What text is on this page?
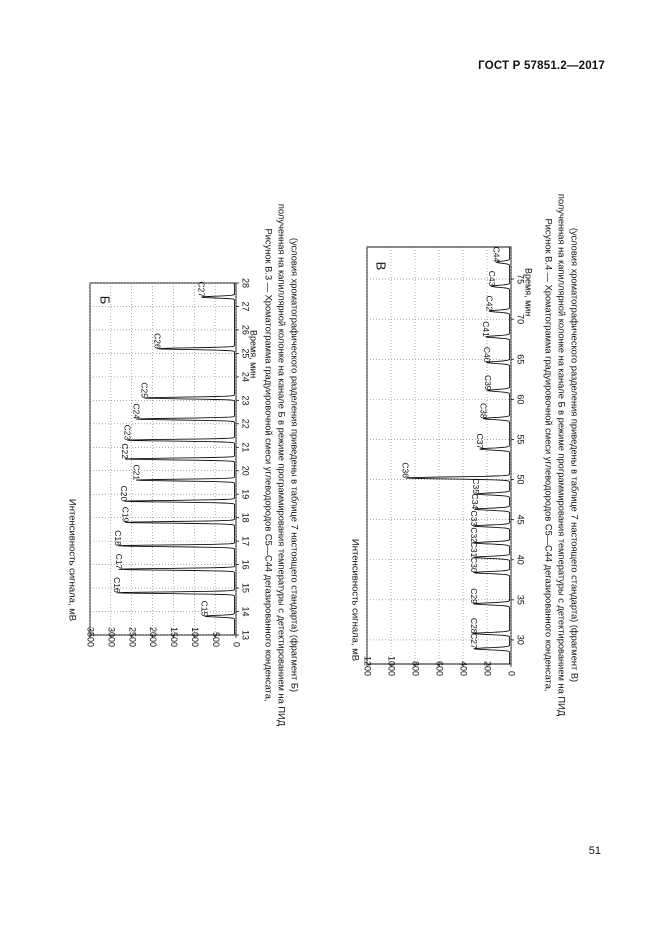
ГОСТ Р 57851.2—2017
51
13
14
15
16
17
18
19
20
21
22
23
24
25
26
27
28
0
500
1000
1500
2000
2500
3000
3500
C15
C16
C17
C18
C19
C20
C21
C22
C23
C24
C25
C26
C27
Б
Время, мин
Интенсивность сигнала, мВ
30
35
40
45
50
55
60
65
70
75
0
200
400
600
800
1000
1200
C27
C28
C29
C30
C31
C32
C33
C34
C35
C36
C37
C38
C39
C40
C41
C42
C43
C44
В
Время, мин
Интенсивность сигнала, мВ
Рисунок В.3 — Хроматограмма градуировочной смеси углеводородов C5—C44 дегазированного конденсата, полученная на капиллярной колонке на канале Б в режиме программирования температуры с детектированием на ПИД (условия хроматографического разделения приведены в таблице 7 настоящего стандарта) (фрагмент Б)	Рисунок В.4 — Хроматограмма градуировочной смеси углеводородов C5—C44 дегазированного конденсата, полученная на капиллярной колонке на канале Б в режиме программирования температуры с детектированием на ПИД (условия хроматографического разделения приведены в таблице 7 настоящего стандарта) (фрагмент В)
